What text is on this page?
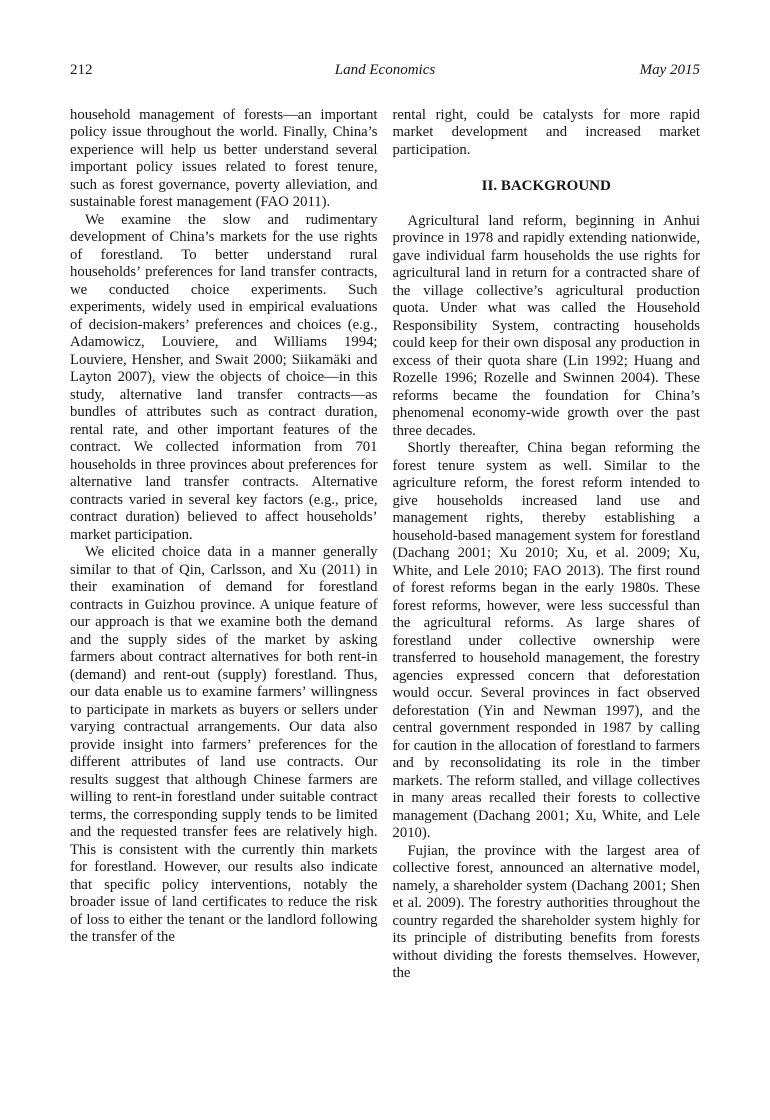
212	Land Economics	May 2015

household management of forests—an important policy issue throughout the world. Finally, China’s experience will help us better understand several important policy issues related to forest tenure, such as forest governance, poverty alleviation, and sustainable forest management (FAO 2011).

We examine the slow and rudimentary development of China’s markets for the use rights of forestland. To better understand rural households’ preferences for land transfer contracts, we conducted choice experiments. Such experiments, widely used in empirical evaluations of decision-makers’ preferences and choices (e.g., Adamowicz, Louviere, and Williams 1994; Louviere, Hensher, and Swait 2000; Siikamäki and Layton 2007), view the objects of choice—in this study, alternative land transfer contracts—as bundles of attributes such as contract duration, rental rate, and other important features of the contract. We collected information from 701 households in three provinces about preferences for alternative land transfer contracts. Alternative contracts varied in several key factors (e.g., price, contract duration) believed to affect households’ market participation.

We elicited choice data in a manner generally similar to that of Qin, Carlsson, and Xu (2011) in their examination of demand for forestland contracts in Guizhou province. A unique feature of our approach is that we examine both the demand and the supply sides of the market by asking farmers about contract alternatives for both rent-in (demand) and rent-out (supply) forestland. Thus, our data enable us to examine farmers’ willingness to participate in markets as buyers or sellers under varying contractual arrangements. Our data also provide insight into farmers’ preferences for the different attributes of land use contracts. Our results suggest that although Chinese farmers are willing to rent-in forestland under suitable contract terms, the corresponding supply tends to be limited and the requested transfer fees are relatively high. This is consistent with the currently thin markets for forestland. However, our results also indicate that specific policy interventions, notably the broader issue of land certificates to reduce the risk of loss to either the tenant or the landlord following the transfer of the

rental right, could be catalysts for more rapid market development and increased market participation.

II. BACKGROUND

Agricultural land reform, beginning in Anhui province in 1978 and rapidly extending nationwide, gave individual farm households the use rights for agricultural land in return for a contracted share of the village collective’s agricultural production quota. Under what was called the Household Responsibility System, contracting households could keep for their own disposal any production in excess of their quota share (Lin 1992; Huang and Rozelle 1996; Rozelle and Swinnen 2004). These reforms became the foundation for China’s phenomenal economy-wide growth over the past three decades.

Shortly thereafter, China began reforming the forest tenure system as well. Similar to the agriculture reform, the forest reform intended to give households increased land use and management rights, thereby establishing a household-based management system for forestland (Dachang 2001; Xu 2010; Xu, et al. 2009; Xu, White, and Lele 2010; FAO 2013). The first round of forest reforms began in the early 1980s. These forest reforms, however, were less successful than the agricultural reforms. As large shares of forestland under collective ownership were transferred to household management, the forestry agencies expressed concern that deforestation would occur. Several provinces in fact observed deforestation (Yin and Newman 1997), and the central government responded in 1987 by calling for caution in the allocation of forestland to farmers and by reconsolidating its role in the timber markets. The reform stalled, and village collectives in many areas recalled their forests to collective management (Dachang 2001; Xu, White, and Lele 2010).

Fujian, the province with the largest area of collective forest, announced an alternative model, namely, a shareholder system (Dachang 2001; Shen et al. 2009). The forestry authorities throughout the country regarded the shareholder system highly for its principle of distributing benefits from forests without dividing the forests themselves. However, the
